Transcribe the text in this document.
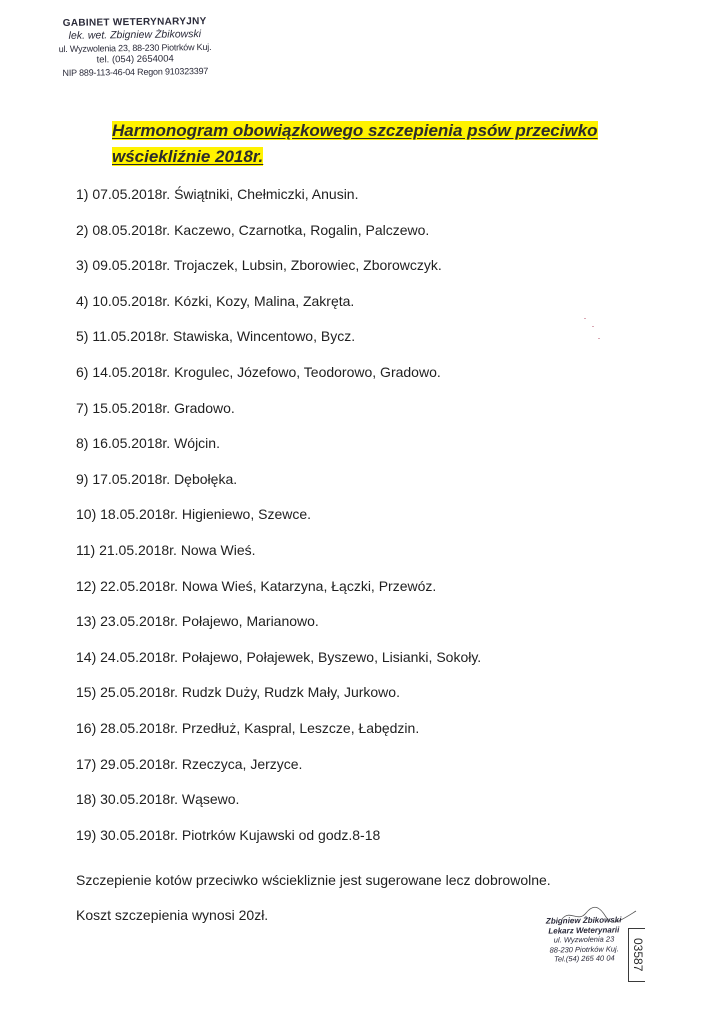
GABINET WETERYNARYJNY
lek. wet. Zbigniew Żbikowski
ul. Wyzwolenia 23, 88-230 Piotrków Kuj.
tel. (054) 2654004
NIP 889-113-46-04 Regon 910323397
Harmonogram obowiązkowego szczepienia psów przeciwko
wściekliźnie 2018r.
1) 07.05.2018r. Świątniki, Chełmiczki, Anusin.
2) 08.05.2018r. Kaczewo, Czarnotka, Rogalin, Palczewo.
3) 09.05.2018r. Trojaczek, Lubsin, Zborowiec, Zborowczyk.
4) 10.05.2018r. Kózki, Kozy, Malina, Zakręta.
5) 11.05.2018r. Stawiska, Wincentowo, Bycz.
6) 14.05.2018r. Krogulec, Józefowo, Teodorowo, Gradowo.
7) 15.05.2018r. Gradowo.
8) 16.05.2018r. Wójcin.
9) 17.05.2018r. Dębołęka.
10) 18.05.2018r. Higieniewo, Szewce.
11) 21.05.2018r. Nowa Wieś.
12) 22.05.2018r. Nowa Wieś, Katarzyna, Łączki, Przewóz.
13) 23.05.2018r. Połajewo, Marianowo.
14) 24.05.2018r. Połajewo, Połajewek, Byszewo, Lisianki, Sokoły.
15) 25.05.2018r. Rudzk Duży, Rudzk Mały, Jurkowo.
16) 28.05.2018r. Przedłuż, Kaspral, Leszcze, Łabędzin.
17) 29.05.2018r. Rzeczyca, Jerzyce.
18) 30.05.2018r. Wąsewo.
19) 30.05.2018r. Piotrków Kujawski od godz.8-18
Szczepienie kotów przeciwko wściekliznie jest sugerowane lecz dobrowolne.
Koszt szczepienia wynosi 20zł.	Zbigniew Żbikowski
Lekarz Weterynarii
ul. Wyzwolenia 23
88-230 Piotrków Kuj.
Tel.(54) 265 40 04	03587
